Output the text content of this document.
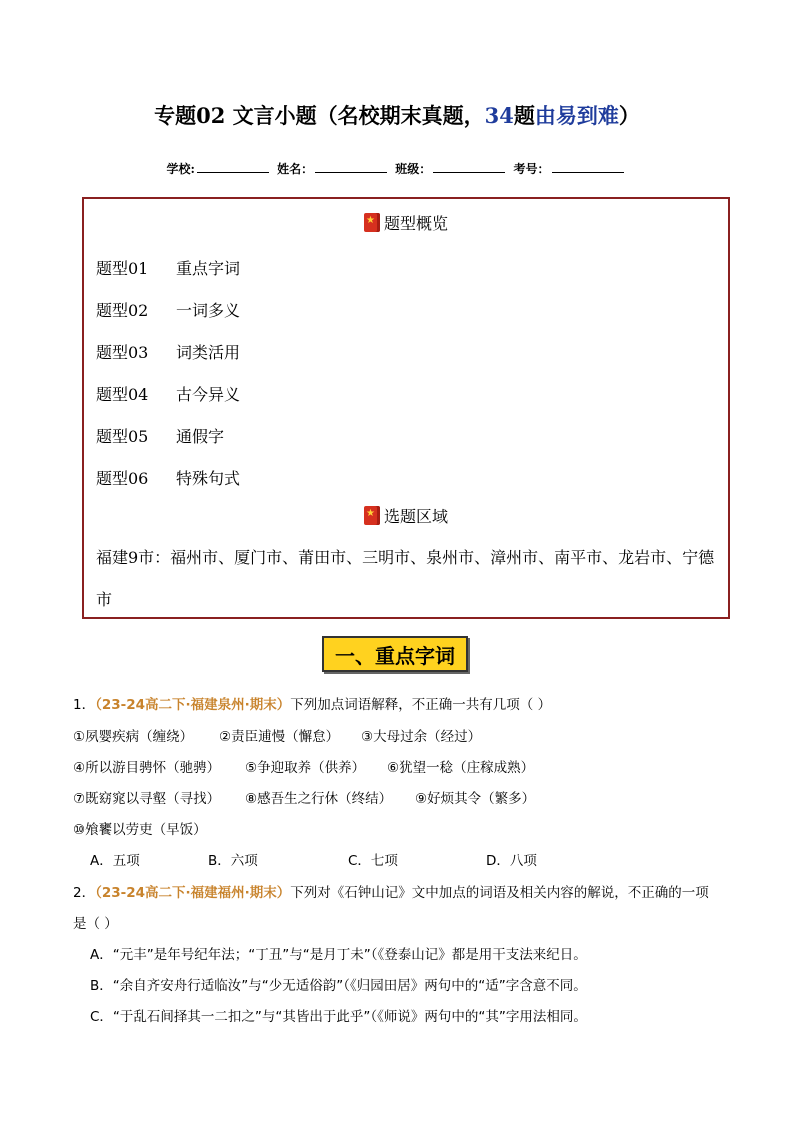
专题02 文言小题（名校期末真题，34题由易到难）
学校:	姓名：	班级：	考号：
★
题型概览
题型01 重点字词
题型02 一词多义
题型03 词类活用
题型04 古今异义
题型05 通假字
题型06 特殊句式
★
选题区域
福建9市：福州市、厦门市、莆田市、三明市、泉州市、漳州市、南平市、龙岩市、宁德市
一、重点字词
1．（23-24高二下·福建泉州·期末）下列加点词语解释，不正确一共有几项（ ）
①夙婴疾病（缠绕） ②责臣逋慢（懈怠） ③大母过余（经过）
④所以游目骋怀（驰骋） ⑤争迎取养（供养） ⑥犹望一稔（庄稼成熟）
⑦既窈窕以寻壑（寻找） ⑧感吾生之行休（终结） ⑨好烦其令（繁多）
⑩飧饔以劳吏（早饭）
A．五项	B．六项	C．七项	D．八项
2．（23-24高二下·福建福州·期末）下列对《石钟山记》文中加点的词语及相关内容的解说，不正确的一项
是（ ）
A．“元丰”是年号纪年法；“丁丑”与“是月丁未”（《登泰山记》都是用干支法来纪日。
B．“余自齐安舟行适临汝”与“少无适俗韵”（《归园田居》两句中的“适”字含意不同。
C．“于乱石间择其一二扣之”与“其皆出于此乎”（《师说》两句中的“其”字用法相同。
